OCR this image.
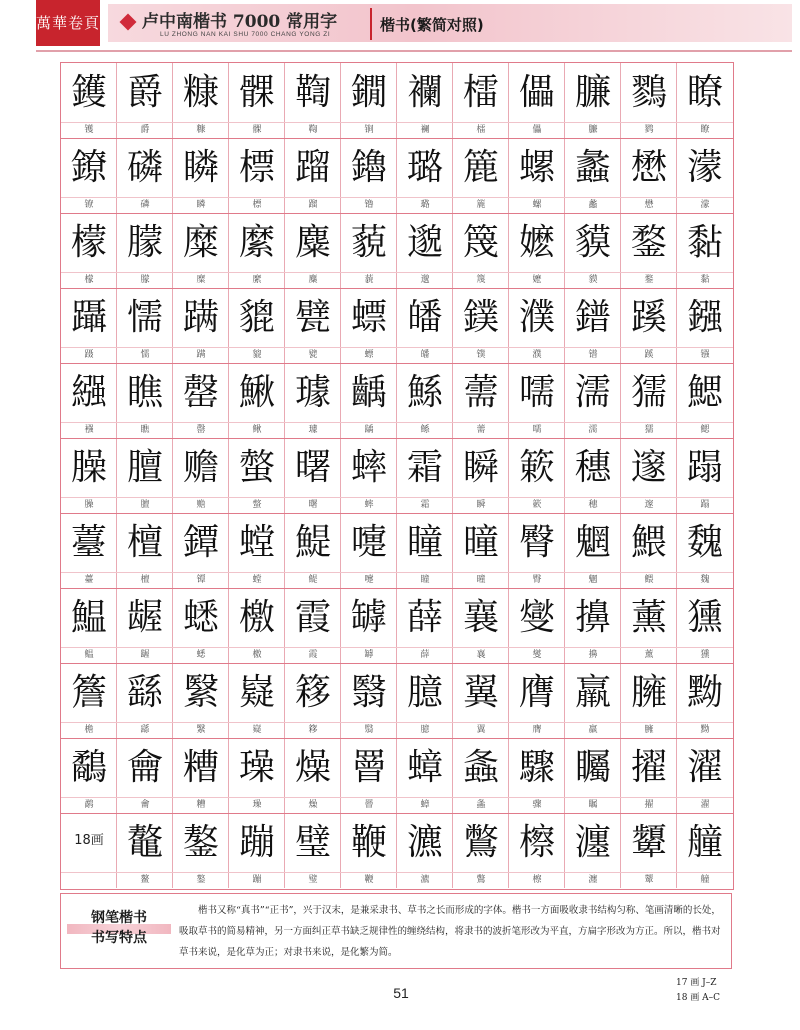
萬華卷頁 卢中南楷书 7000 常用字
LU ZHONG NAN KAI SHU 7000 CHANG YONG ZI
楷书(繁简对照)
鑊
镬
爵
爵
糠
糠
髁
髁
鞫
鞫
鐗
锏
襴
襕
檑
檑
儡
儡
臁
臁
鷚
鹨
瞭
瞭
鐐
镣
磷
磷
瞵
瞵
標
標
蹓
蹓
鑥
镥
璐
璐
簏
簏
螺
螺
蠡
蠡
懋
懋
濛
濛
檬
檬
朦
朦
糜
糜
縻
縻
麋
麋
藐
藐
邈
邈
篾
篾
嬷
嬷
貘
貘
鍪
鍪
黏
黏
躡
蹑
懦
懦
蹒
蹒
貔
貔
甓
甓
螵
螵
皤
皤
鏷
镤
濮
濮
鐠
镨
蹊
蹊
鏹
镪
繦
襁
瞧
瞧
罄
罄
鰍
鳅
璩
璩
齲
龋
鯀
鲧
薷
薷
嚅
嚅
濡
濡
獳
獳
鰓
鳃
臊
臊
膻
膻
赡
赡
螫
螫
曙
曙
蟀
蟀
霜
霜
瞬
瞬
簌
簌
穗
穗
邃
邃
蹋
蹋
薹
薹
檀
檀
鐔
镡
螳
螳
鯷
鳀
嚏
嚏
瞳
瞳
曈
曈
臀
臀
魍
魍
鰃
鳂
魏
魏
鰛
鳁
龌
龌
蟋
蟋
檄
檄
霞
霞
罅
罅
薛
薛
襄
襄
燮
燮
擤
擤
薰
薰
獯
獯
簷
檐
繇
繇
繄
繄
嶷
嶷
簃
簃
翳
翳
臆
臆
翼
翼
膺
膺
羸
羸
臃
臃
黝
黝
鷸
鹬
龠
龠
糟
糟
璪
璪
燥
燥
罾
罾
蟑
蟑
螽
螽
驟
骤
矚
瞩
擢
擢
濯
濯
18画 鼇
鳌
鏊
鏊
蹦
蹦
璧
璧
鞭
鞭
瀌
瀌
鷩
鷩
檫
檫
瀍
瀍
顰
颦
艟
艟
钢笔楷书
书写特点
楷书又称“真书”“正书”，兴于汉末，是兼采隶书、草书之长而形成的字体。楷书一方面吸收隶书结构匀称、笔画清晰的长处，吸取草书的简易精神，另一方面纠正草书缺乏规律性的缠绕结构，将隶书的波折笔形改为平直，方扁字形改为方正。所以，楷书对草书来说，是化草为正；对隶书来说，是化繁为简。
51
17 画 J–Z
18 画 A–C
